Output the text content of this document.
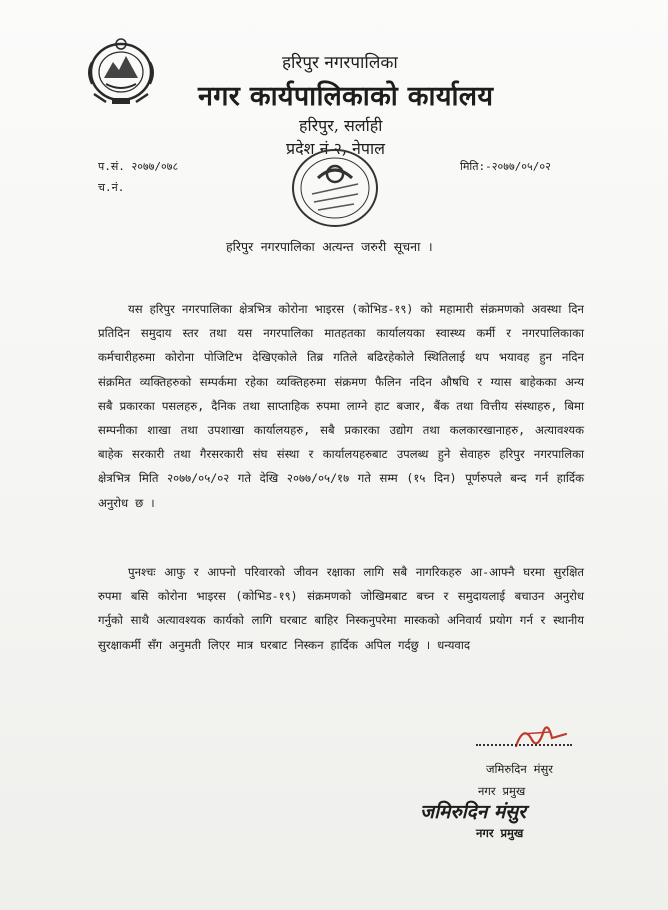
हरिपुर नगरपालिका

नगर कार्यपालिकाको कार्यालय

हरिपुर, सर्लाही

प्रदेश नं २, नेपाल

प.सं. २०७७/०७८

च.नं.

मिति:-२०७७/०५/०२

हरिपुर नगरपालिका अत्यन्त जरुरी सूचना ।

यस हरिपुर नगरपालिका क्षेत्रभित्र कोरोना भाइरस (कोभिड-१९) को महामारी संक्रमणको अवस्था दिन प्रतिदिन समुदाय स्तर तथा यस नगरपालिका मातहतका कार्यालयका स्वास्थ्य कर्मी र नगरपालिकाका कर्मचारीहरुमा कोरोना पोजिटिभ देखिएकोले तिब्र गतिले बढिरहेकोले स्थितिलाई थप भयावह हुन नदिन संक्रमित व्यक्तिहरुको सम्पर्कमा रहेका व्यक्तिहरुमा संक्रमण फैलिन नदिन औषधि र ग्यास बाहेकका अन्य सबै प्रकारका पसलहरु, दैनिक तथा साप्ताहिक रुपमा लाग्ने हाट बजार, बैंक तथा वित्तीय संस्थाहरु, बिमा सम्पनीका शाखा तथा उपशाखा कार्यालयहरु, सबै प्रकारका उद्योग तथा कलकारखानाहरु, अत्यावश्यक बाहेक सरकारी तथा गैरसरकारी संघ संस्था र कार्यालयहरुबाट उपलब्ध हुने सेवाहरु हरिपुर नगरपालिका क्षेत्रभित्र मिति २०७७/०५/०२ गते देखि २०७७/०५/१७ गते सम्म (१५ दिन) पूर्णरुपले बन्द गर्न हार्दिक अनुरोध छ ।

पुनश्चः आफु र आफ्नो परिवारको जीवन रक्षाका लागि सबै नागरिकहरु आ-आफ्नै घरमा सुरक्षित रुपमा बसि कोरोना भाइरस (कोभिड-१९) संक्रमणको जोखिमबाट बच्न र समुदायलाई बचाउन अनुरोध गर्नुको साथै अत्यावश्यक कार्यको लागि घरबाट बाहिर निस्कनुपरेमा मास्कको अनिवार्य प्रयोग गर्न र स्थानीय सुरक्षाकर्मी सँग अनुमती लिएर मात्र घरबाट निस्कन हार्दिक अपिल गर्दछु । धन्यवाद

जमिरुदिन मंसुर

नगर प्रमुख

जमिरुदिन मंसुर

नगर प्रमुख
